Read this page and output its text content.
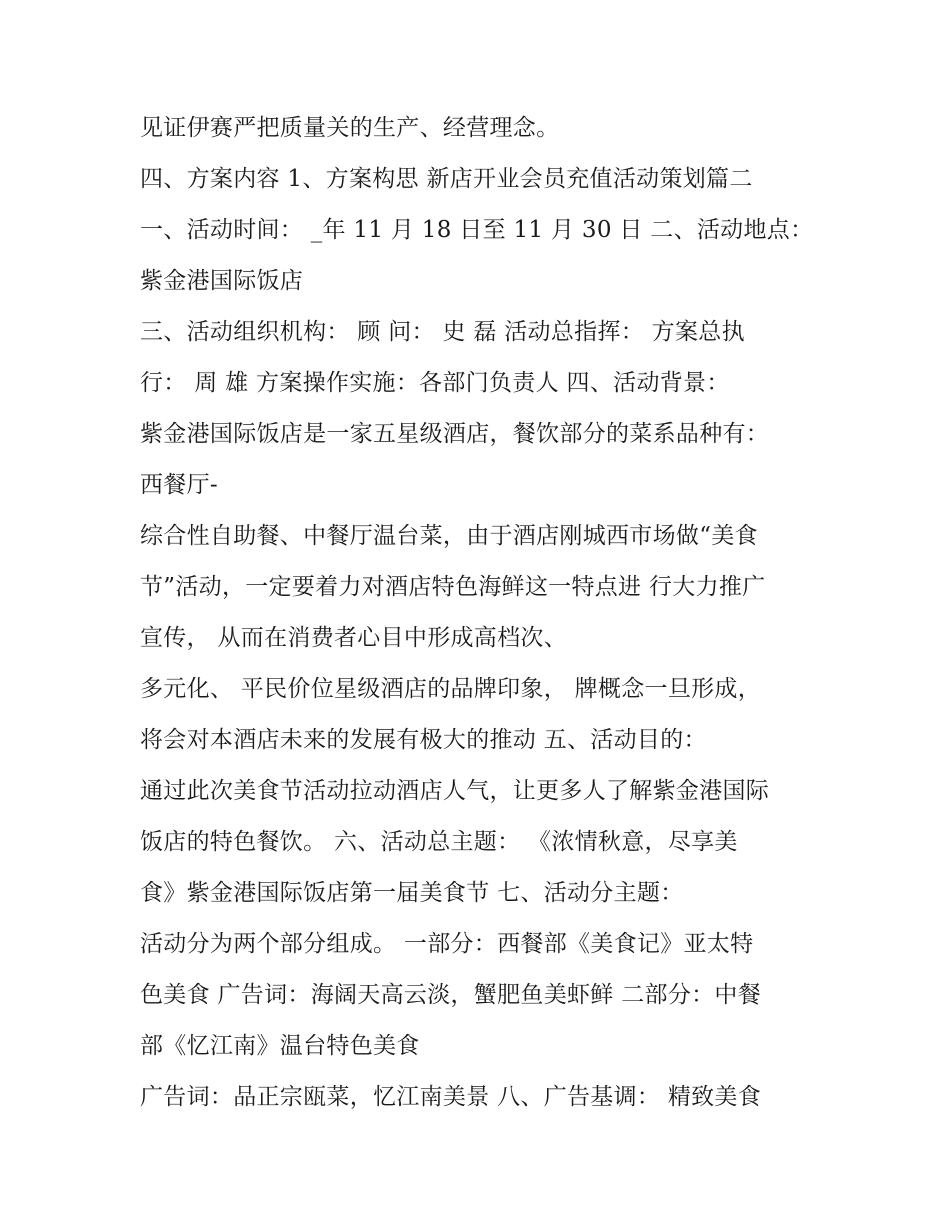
见证伊赛严把质量关的生产、经营理念。
四、方案内容 1、方案构思 新店开业会员充值活动策划篇二
一、活动时间： _年 11 月 18 日至 11 月 30 日 二、活动地点：
紫金港国际饭店
三、活动组织机构： 顾 问： 史 磊 活动总指挥： 方案总执
行： 周 雄 方案操作实施：各部门负责人 四、活动背景：
紫金港国际饭店是一家五星级酒店，餐饮部分的菜系品种有：
西餐厅-
综合性自助餐、中餐厅温台菜，由于酒店刚城西市场做“美食
节”活动，一定要着力对酒店特色海鲜这一特点进 行大力推广
宣传， 从而在消费者心目中形成高档次、
多元化、 平民价位星级酒店的品牌印象， 牌概念一旦形成，
将会对本酒店未来的发展有极大的推动 五、活动目的：
通过此次美食节活动拉动酒店人气，让更多人了解紫金港国际
饭店的特色餐饮。 六、活动总主题： 《浓情秋意，尽享美
食》紫金港国际饭店第一届美食节 七、活动分主题：
活动分为两个部分组成。 一部分：西餐部《美食记》亚太特
色美食 广告词：海阔天高云淡，蟹肥鱼美虾鲜 二部分：中餐
部《忆江南》温台特色美食
广告词：品正宗瓯菜，忆江南美景 八、广告基调： 精致美食
